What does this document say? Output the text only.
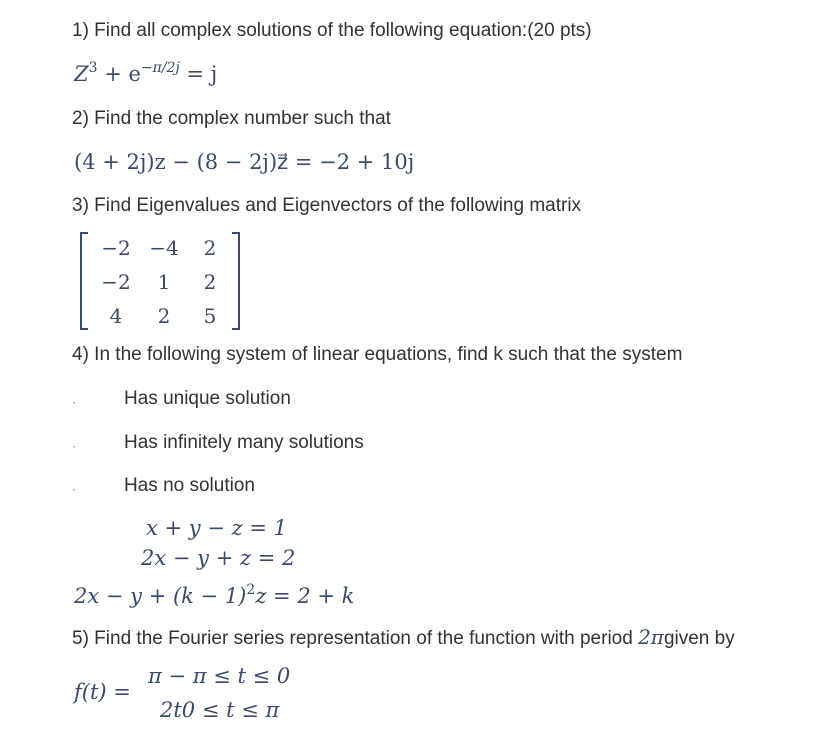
1) Find all complex solutions of the following equation:(20 pts)
$Z^3 + e^{-\pi/2j} = j$
2) Find the complex number such that
(4 + 2j)z − (8 − 2j)z⃗ = −2 + 10j
3) Find Eigenvalues and Eigenvectors of the following matrix
−2 −4	2
−2	1	2
4	2	5
4) In the following system of linear equations, find k such that the system
·	Has unique solution
·	Has infinitely many solutions
·	Has no solution
x + y − z = 1
2x − y + z = 2
$2x - y + (k - 1)^2z = 2 + k$
5) Find the Fourier series representation of the function with period 2πgiven by
f(t) =
π − π ≤ t ≤ 0
2t0 ≤ t ≤ π
